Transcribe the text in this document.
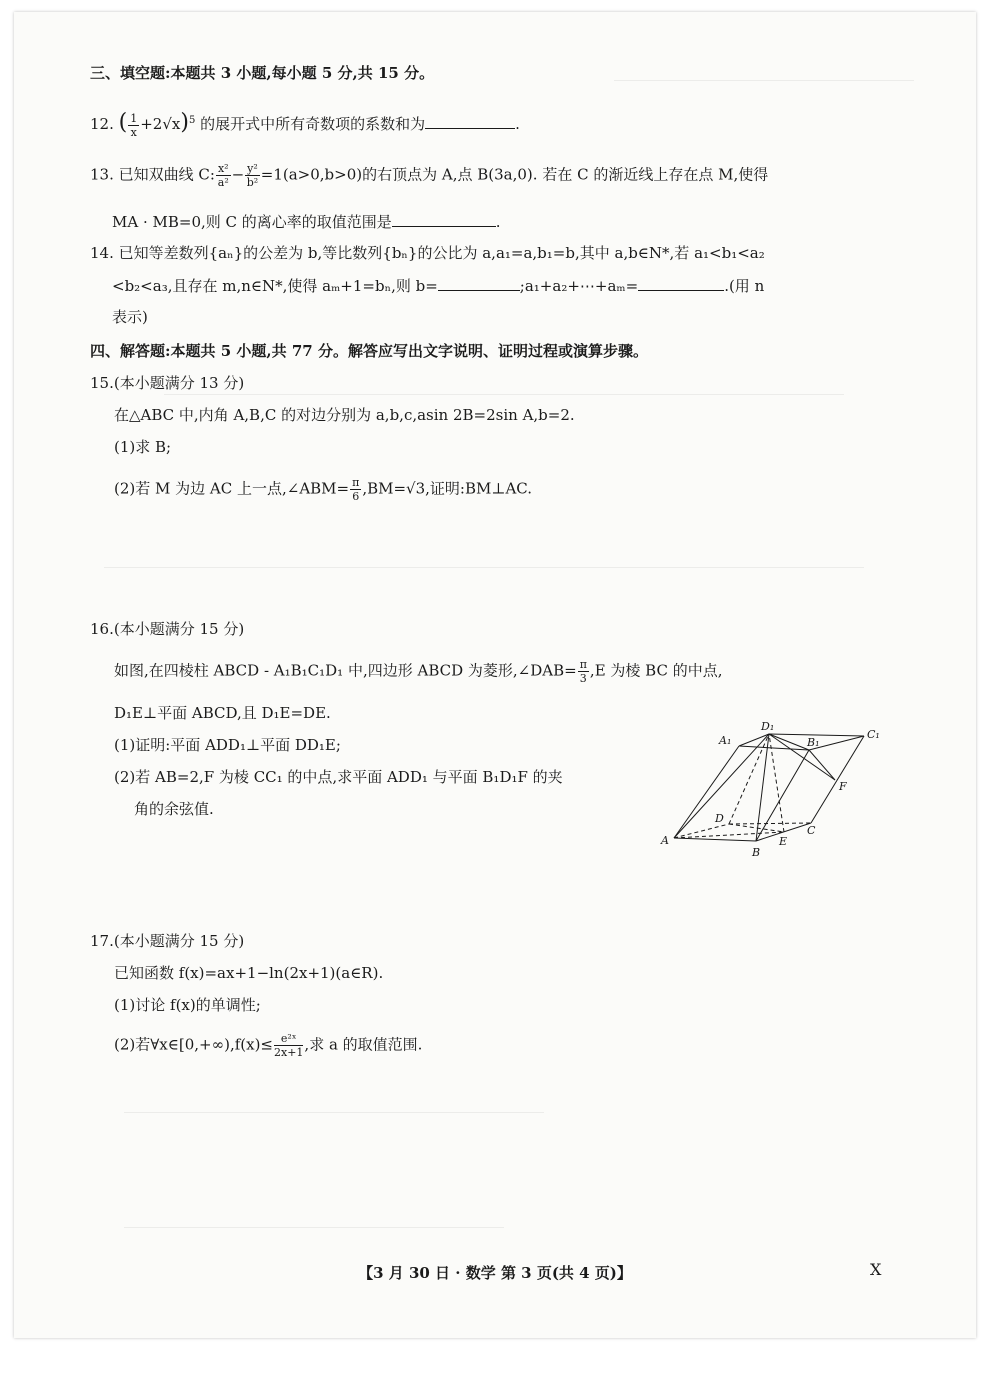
三、填空题:本题共 3 小题,每小题 5 分,共 15 分。
12. ( $\frac{1}{x} +2√x)^5$ 的展开式中所有奇数项的系数和为	.
13. 已知双曲线 C: $\frac{\text{x²}}{\text{a²}} - \frac{\text{y²}}{\text{b²}} =1(a>0,b>0)$的右顶点为 A,点 B(3a,0). 若在 C 的渐近线上存在点 M,使得
MA · MB=0,则 C 的离心率的取值范围是	.
14. 已知等差数列{aₙ}的公差为 b,等比数列{bₙ}的公比为 a,a₁=a,b₁=b,其中 a,b∈N*,若 a₁<b₁<a₂
<b₂<a₃,且存在 m,n∈N*,使得 aₘ+1=bₙ,则 b=	;a₁+a₂+⋯+aₘ=	.(用 n
表示)
四、解答题:本题共 5 小题,共 77 分。解答应写出文字说明、证明过程或演算步骤。
15.(本小题满分 13 分)
在△ABC 中,内角 A,B,C 的对边分别为 a,b,c,asin 2B=2sin A,b=2.
(1)求 B;
(2)若 M 为边 AC 上一点,∠ABM= $\frac{\pi}{6} ,BM=√3$,证明:BM⊥AC.
16.(本小题满分 15 分)
如图,在四棱柱 ABCD - A₁B₁C₁D₁ 中,四边形 ABCD 为菱形,∠DAB= $\frac{\pi}{3} ,E$ 为棱 BC 的中点,
D₁E⊥平面 ABCD,且 D₁E=DE.
(1)证明:平面 ADD₁⊥平面 DD₁E;
(2)若 AB=2,F 为棱 CC₁ 的中点,求平面 ADD₁ 与平面 B₁D₁F 的夹
角的余弦值.
D₁
A₁	B₁
C₁
F
D
C
E
B
A
17.(本小题满分 15 分)
已知函数 f(x)=ax+1−ln(2x+1)(a∈R).
(1)讨论 f(x)的单调性;
(2)若∀x∈[0,+∞),f(x)≤ $\frac{\text{e²ˣ}}{2x+1}$ ,求 a 的取值范围.
【3 月 30 日 · 数学 第 3 页(共 4 页)】	X
